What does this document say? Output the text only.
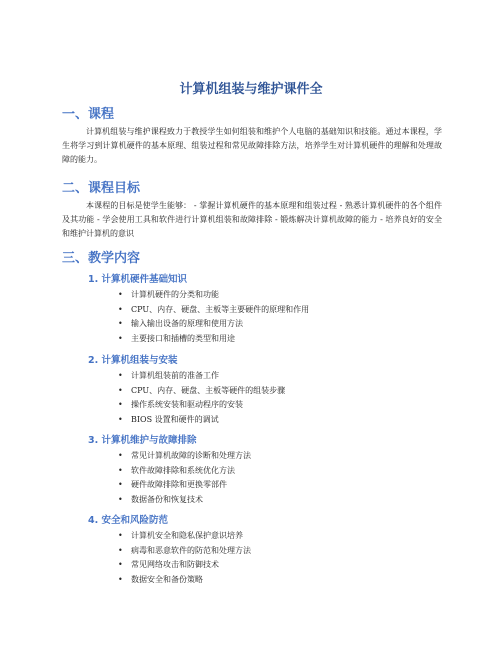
计算机组装与维护课件全
一、课程

计算机组装与维护课程致力于教授学生如何组装和维护个人电脑的基础知识和技能。通过本课程，学生将学习到计算机硬件的基本原理、组装过程和常见故障排除方法，培养学生对计算机硬件的理解和处理故障的能力。

二、课程目标

本课程的目标是使学生能够： - 掌握计算机硬件的基本原理和组装过程 - 熟悉计算机硬件的各个组件及其功能 - 学会使用工具和软件进行计算机组装和故障排除 - 锻炼解决计算机故障的能力 - 培养良好的安全和维护计算机的意识

三、教学内容
1. 计算机硬件基础知识
• 计算机硬件的分类和功能
• CPU、内存、硬盘、主板等主要硬件的原理和作用
• 输入输出设备的原理和使用方法
• 主要接口和插槽的类型和用途
2. 计算机组装与安装
• 计算机组装前的准备工作
• CPU、内存、硬盘、主板等硬件的组装步骤
• 操作系统安装和驱动程序的安装
• BIOS 设置和硬件的调试
3. 计算机维护与故障排除
• 常见计算机故障的诊断和处理方法
• 软件故障排除和系统优化方法
• 硬件故障排除和更换零部件
• 数据备份和恢复技术
4. 安全和风险防范
• 计算机安全和隐私保护意识培养
• 病毒和恶意软件的防范和处理方法
• 常见网络攻击和防御技术
• 数据安全和备份策略
